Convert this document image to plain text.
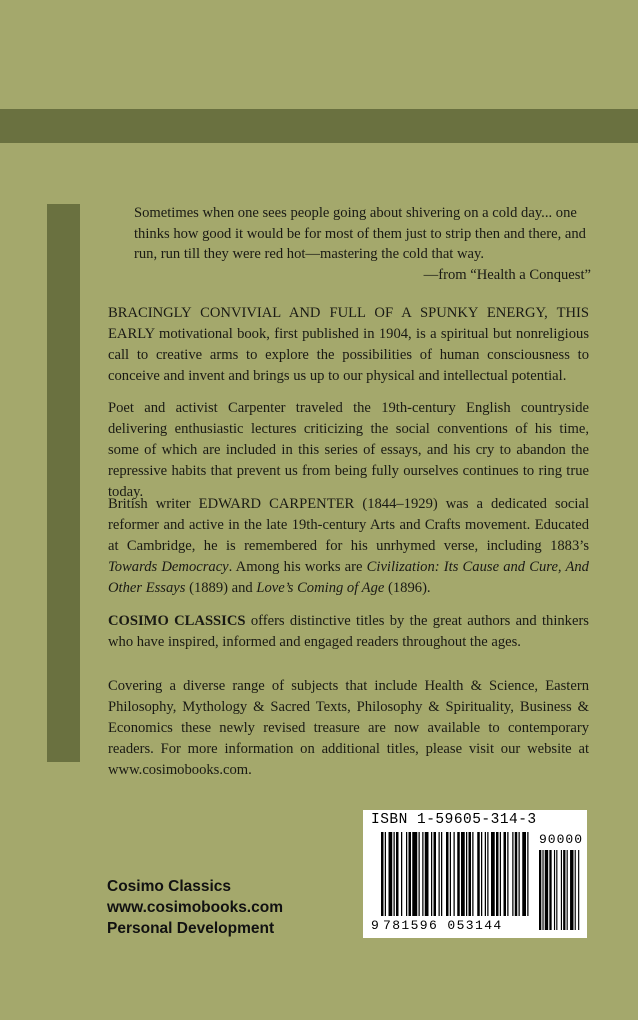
Sometimes when one sees people going about shivering on a cold day... one thinks how good it would be for most of them just to strip then and there, and run, run till they were red hot—mastering the cold that way.

—from “Health a Conquest”

BRACINGLY CONVIVIAL AND FULL OF A SPUNKY ENERGY, THIS EARLY motivational book, first published in 1904, is a spiritual but nonreligious call to creative arms to explore the possibilities of human consciousness to conceive and invent and brings us up to our physical and intellectual potential.

Poet and activist Carpenter traveled the 19th-century English countryside delivering enthusiastic lectures criticizing the social conventions of his time, some of which are included in this series of essays, and his cry to abandon the repressive habits that prevent us from being fully ourselves continues to ring true today.

British writer EDWARD CARPENTER (1844–1929) was a dedicated social reformer and active in the late 19th-century Arts and Crafts movement. Educated at Cambridge, he is remembered for his unrhymed verse, including 1883’s Towards Democracy. Among his works are Civilization: Its Cause and Cure, And Other Essays (1889) and Love’s Coming of Age (1896).

COSIMO CLASSICS offers distinctive titles by the great authors and thinkers who have inspired, informed and engaged readers throughout the ages.

Covering a diverse range of subjects that include Health & Science, Eastern Philosophy, Mythology & Sacred Texts, Philosophy & Spirituality, Business & Economics these newly revised treasure are now available to contemporary readers. For more information on additional titles, please visit our website at www.cosimobooks.com.

Cosimo Classics
www.cosimobooks.com
Personal Development
ISBN 1-59605-314-3
90000
9 781596 053144
